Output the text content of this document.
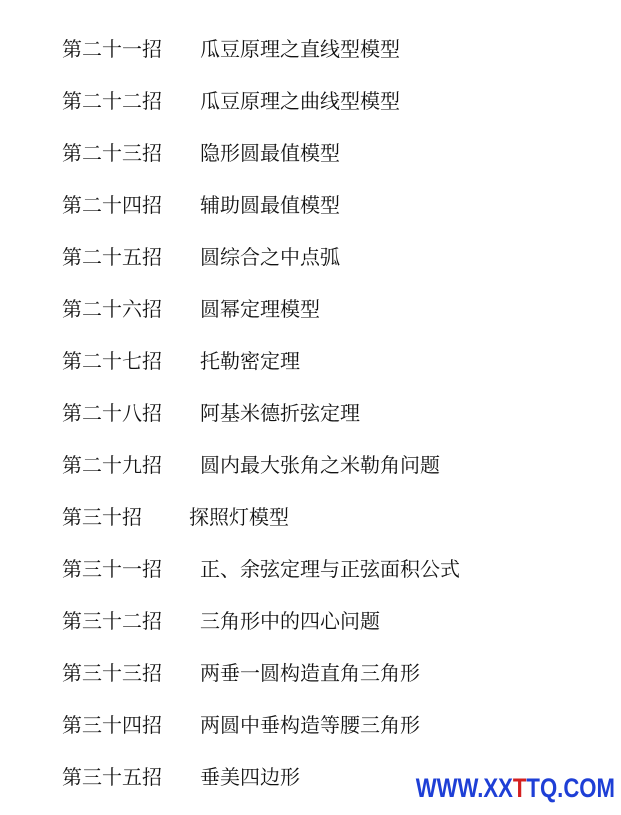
第二十一招	瓜豆原理之直线型模型
第二十二招	瓜豆原理之曲线型模型
第二十三招	隐形圆最值模型
第二十四招	辅助圆最值模型
第二十五招	圆综合之中点弧
第二十六招	圆幂定理模型
第二十七招	托勒密定理
第二十八招	阿基米德折弦定理
第二十九招	圆内最大张角之米勒角问题
第三十招	探照灯模型
第三十一招	正、余弦定理与正弦面积公式
第三十二招	三角形中的四心问题
第三十三招	两垂一圆构造直角三角形
第三十四招	两圆中垂构造等腰三角形
第三十五招	垂美四边形	WWW.XXTTQ.COM
